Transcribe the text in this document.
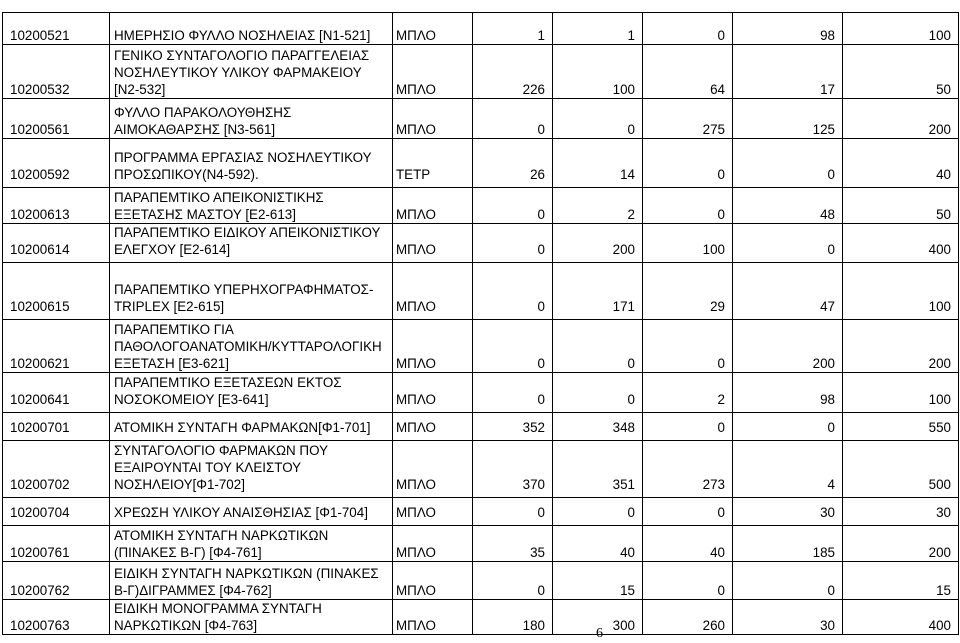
10200521	ΗΜΕΡΗΣΙΟ ΦΥΛΛΟ ΝΟΣΗΛΕΙΑΣ [Ν1-521]	ΜΠΛΟ	1	1	0	98	100
10200532	ΓΕΝΙΚΟ ΣΥΝΤΑΓΟΛΟΓΙΟ ΠΑΡΑΓΓΕΛΕΙΑΣ ΝΟΣΗΛΕΥΤΙΚΟΥ ΥΛΙΚΟΥ ΦΑΡΜΑΚΕΙΟΥ [Ν2-532]	ΜΠΛΟ	226	100	64	17	50
10200561	ΦΥΛΛΟ ΠΑΡΑΚΟΛΟΥΘΗΣΗΣ ΑΙΜΟΚΑΘΑΡΣΗΣ [Ν3-561]	ΜΠΛΟ	0	0	275	125	200
10200592	ΠΡΟΓΡΑΜΜΑ ΕΡΓΑΣΙΑΣ ΝΟΣΗΛΕΥΤΙΚΟΥ ΠΡΟΣΩΠΙΚΟΥ(Ν4-592).	ΤΕΤΡ	26	14	0	0	40
10200613	ΠΑΡΑΠΕΜΤΙΚΟ ΑΠΕΙΚΟΝΙΣΤΙΚΗΣ ΕΞΕΤΑΣΗΣ ΜΑΣΤΟΥ [Ε2-613]	ΜΠΛΟ	0	2	0	48	50
10200614	ΠΑΡΑΠΕΜΤΙΚΟ ΕΙΔΙΚΟΥ ΑΠΕΙΚΟΝΙΣΤΙΚΟΥ ΕΛΕΓΧΟΥ [Ε2-614]	ΜΠΛΟ	0	200	100	0	400
10200615	ΠΑΡΑΠΕΜΤΙΚΟ ΥΠΕΡΗΧΟΓΡΑΦΗΜΑΤΟΣ-TRIPLEX [Ε2-615]	ΜΠΛΟ	0	171	29	47	100
10200621	ΠΑΡΑΠΕΜΤΙΚΟ ΓΙΑ ΠΑΘΟΛΟΓΟΑΝΑΤΟΜΙΚΗ/ΚΥΤΤΑΡΟΛΟΓΙΚΗ ΕΞΕΤΑΣΗ [Ε3-621]	ΜΠΛΟ	0	0	0	200	200
10200641	ΠΑΡΑΠΕΜΤΙΚΟ ΕΞΕΤΑΣΕΩΝ ΕΚΤΟΣ ΝΟΣΟΚΟΜΕΙΟΥ [Ε3-641]	ΜΠΛΟ	0	0	2	98	100
10200701	ΑΤΟΜΙΚΗ ΣΥΝΤΑΓΗ ΦΑΡΜΑΚΩΝ[Φ1-701]	ΜΠΛΟ	352	348	0	0	550
10200702	ΣΥΝΤΑΓΟΛΟΓΙΟ ΦΑΡΜΑΚΩΝ ΠΟΥ ΕΞΑΙΡΟΥΝΤΑΙ ΤΟΥ ΚΛΕΙΣΤΟΥ ΝΟΣΗΛΕΙΟΥ[Φ1-702]	ΜΠΛΟ	370	351	273	4	500
10200704	ΧΡΕΩΣΗ ΥΛΙΚΟΥ ΑΝΑΙΣΘΗΣΙΑΣ [Φ1-704]	ΜΠΛΟ	0	0	0	30	30
10200761	ΑΤΟΜΙΚΗ ΣΥΝΤΑΓΗ ΝΑΡΚΩΤΙΚΩΝ (ΠΙΝΑΚΕΣ Β-Γ) [Φ4-761]	ΜΠΛΟ	35	40	40	185	200
10200762	ΕΙΔΙΚΗ ΣΥΝΤΑΓΗ ΝΑΡΚΩΤΙΚΩΝ (ΠΙΝΑΚΕΣ Β-Γ)ΔΙΓΡΑΜΜΕΣ [Φ4-762]	ΜΠΛΟ	0	15	0	0	15
10200763	ΕΙΔΙΚΗ ΜΟΝΟΓΡΑΜΜΑ ΣΥΝΤΑΓΗ ΝΑΡΚΩΤΙΚΩΝ [Φ4-763]	ΜΠΛΟ	180	300	260	30	400
6
